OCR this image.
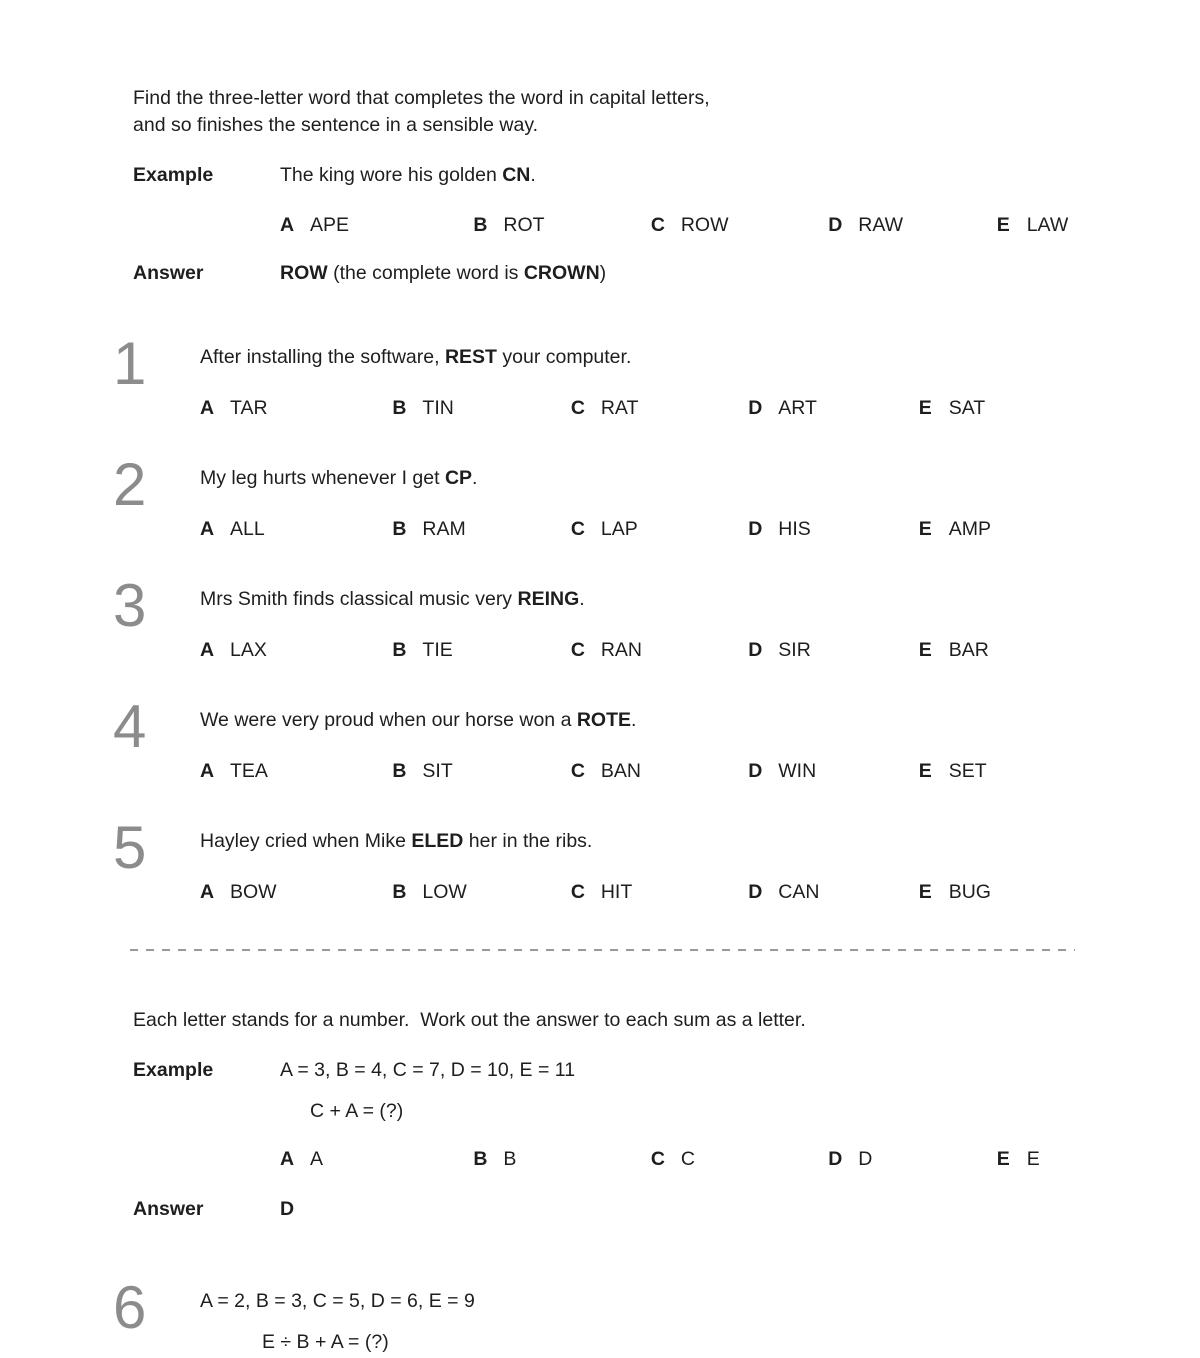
Find the three-letter word that completes the word in capital letters,
and so finishes the sentence in a sensible way.
Example	The king wore his golden CN.
A APE	B ROT	C ROW	D RAW	E LAW
Answer	ROW (the complete word is CROWN)
1	After installing the software, REST your computer.
A TAR	B TIN	C RAT	D ART	E SAT
2	My leg hurts whenever I get CP.
A ALL	B RAM	C LAP	D HIS	E AMP
3	Mrs Smith finds classical music very REING.
A LAX	B TIE	C RAN	D SIR	E BAR
4	We were very proud when our horse won a ROTE.
A TEA	B SIT	C BAN	D WIN	E SET
5	Hayley cried when Mike ELED her in the ribs.
A BOW	B LOW	C HIT	D CAN	E BUG
Each letter stands for a number.  Work out the answer to each sum as a letter.
Example	A = 3, B = 4, C = 7, D = 10, E = 11
C + A = (?)
A A	B B	C C	D D	E E
Answer	D
6	A = 2, B = 3, C = 5, D = 6, E = 9
E ÷ B + A = (?)
